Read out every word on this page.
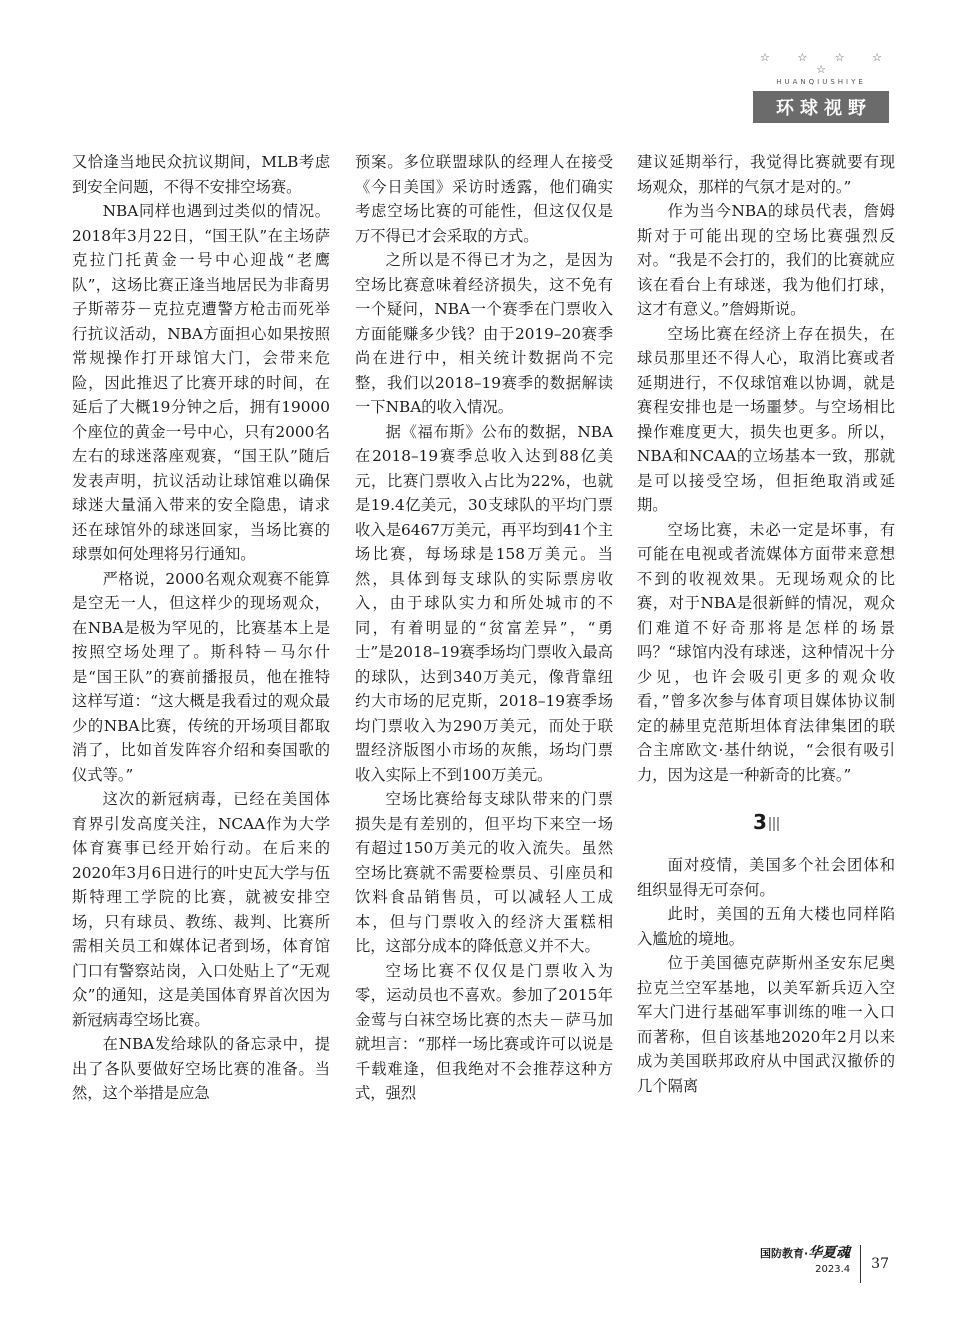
☆ ☆ ☆ ☆ ☆
HUANQIUSHIYE
环球视野

又恰逢当地民众抗议期间，MLB考虑到安全问题，不得不安排空场赛。

NBA同样也遇到过类似的情况。2018年3月22日，“国王队”在主场萨克拉门托黄金一号中心迎战“老鹰队”，这场比赛正逢当地居民为非裔男子斯蒂芬－克拉克遭警方枪击而死举行抗议活动，NBA方面担心如果按照常规操作打开球馆大门，会带来危险，因此推迟了比赛开球的时间，在延后了大概19分钟之后，拥有19000个座位的黄金一号中心，只有2000名左右的球迷落座观赛，“国王队”随后发表声明，抗议活动让球馆难以确保球迷大量涌入带来的安全隐患，请求还在球馆外的球迷回家，当场比赛的球票如何处理将另行通知。

严格说，2000名观众观赛不能算是空无一人，但这样少的现场观众，在NBA是极为罕见的，比赛基本上是按照空场处理了。斯科特－马尔什是“国王队”的赛前播报员，他在推特这样写道：“这大概是我看过的观众最少的NBA比赛，传统的开场项目都取消了，比如首发阵容介绍和奏国歌的仪式等。”

这次的新冠病毒，已经在美国体育界引发高度关注，NCAA作为大学体育赛事已经开始行动。在后来的2020年3月6日进行的叶史瓦大学与伍斯特理工学院的比赛，就被安排空场，只有球员、教练、裁判、比赛所需相关员工和媒体记者到场，体育馆门口有警察站岗，入口处贴上了“无观众”的通知，这是美国体育界首次因为新冠病毒空场比赛。

在NBA发给球队的备忘录中，提出了各队要做好空场比赛的准备。当然，这个举措是应急

预案。多位联盟球队的经理人在接受《今日美国》采访时透露，他们确实考虑空场比赛的可能性，但这仅仅是万不得已才会采取的方式。

之所以是不得已才为之，是因为空场比赛意味着经济损失，这不免有一个疑问，NBA一个赛季在门票收入方面能赚多少钱？由于2019–20赛季尚在进行中，相关统计数据尚不完整，我们以2018–19赛季的数据解读一下NBA的收入情况。

据《福布斯》公布的数据，NBA在2018–19赛季总收入达到88亿美元，比赛门票收入占比为22%，也就是19.4亿美元，30支球队的平均门票收入是6467万美元，再平均到41个主场比赛，每场球是158万美元。当然，具体到每支球队的实际票房收入，由于球队实力和所处城市的不同，有着明显的“贫富差异”，“勇士”是2018–19赛季场均门票收入最高的球队，达到340万美元，像背靠纽约大市场的尼克斯，2018–19赛季场均门票收入为290万美元，而处于联盟经济版图小市场的灰熊，场均门票收入实际上不到100万美元。

空场比赛给每支球队带来的门票损失是有差别的，但平均下来空一场有超过150万美元的收入流失。虽然空场比赛就不需要检票员、引座员和饮料食品销售员，可以减轻人工成本，但与门票收入的经济大蛋糕相比，这部分成本的降低意义并不大。

空场比赛不仅仅是门票收入为零，运动员也不喜欢。参加了2015年金莺与白袜空场比赛的杰夫－萨马加就坦言：“那样一场比赛或许可以说是千载难逢，但我绝对不会推荐这种方式，强烈

建议延期举行，我觉得比赛就要有现场观众，那样的气氛才是对的。”

作为当今NBA的球员代表，詹姆斯对于可能出现的空场比赛强烈反对。“我是不会打的，我们的比赛就应该在看台上有球迷，我为他们打球，这才有意义。”詹姆斯说。

空场比赛在经济上存在损失，在球员那里还不得人心，取消比赛或者延期进行，不仅球馆难以协调，就是赛程安排也是一场噩梦。与空场相比操作难度更大，损失也更多。所以，NBA和NCAA的立场基本一致，那就是可以接受空场，但拒绝取消或延期。

空场比赛，未必一定是坏事，有可能在电视或者流媒体方面带来意想不到的收视效果。无现场观众的比赛，对于NBA是很新鲜的情况，观众们难道不好奇那将是怎样的场景吗？“球馆内没有球迷，这种情况十分少见，也许会吸引更多的观众收看，”曾多次参与体育项目媒体协议制定的赫里克范斯坦体育法律集团的联合主席欧文·基什纳说，“会很有吸引力，因为这是一种新奇的比赛。”

3

面对疫情，美国多个社会团体和组织显得无可奈何。

此时，美国的五角大楼也同样陷入尴尬的境地。

位于美国德克萨斯州圣安东尼奥拉克兰空军基地，以美军新兵迈入空军大门进行基础军事训练的唯一入口而著称，但自该基地2020年2月以来成为美国联邦政府从中国武汉撤侨的几个隔离

国防教育·华夏魂
2023.4	37
